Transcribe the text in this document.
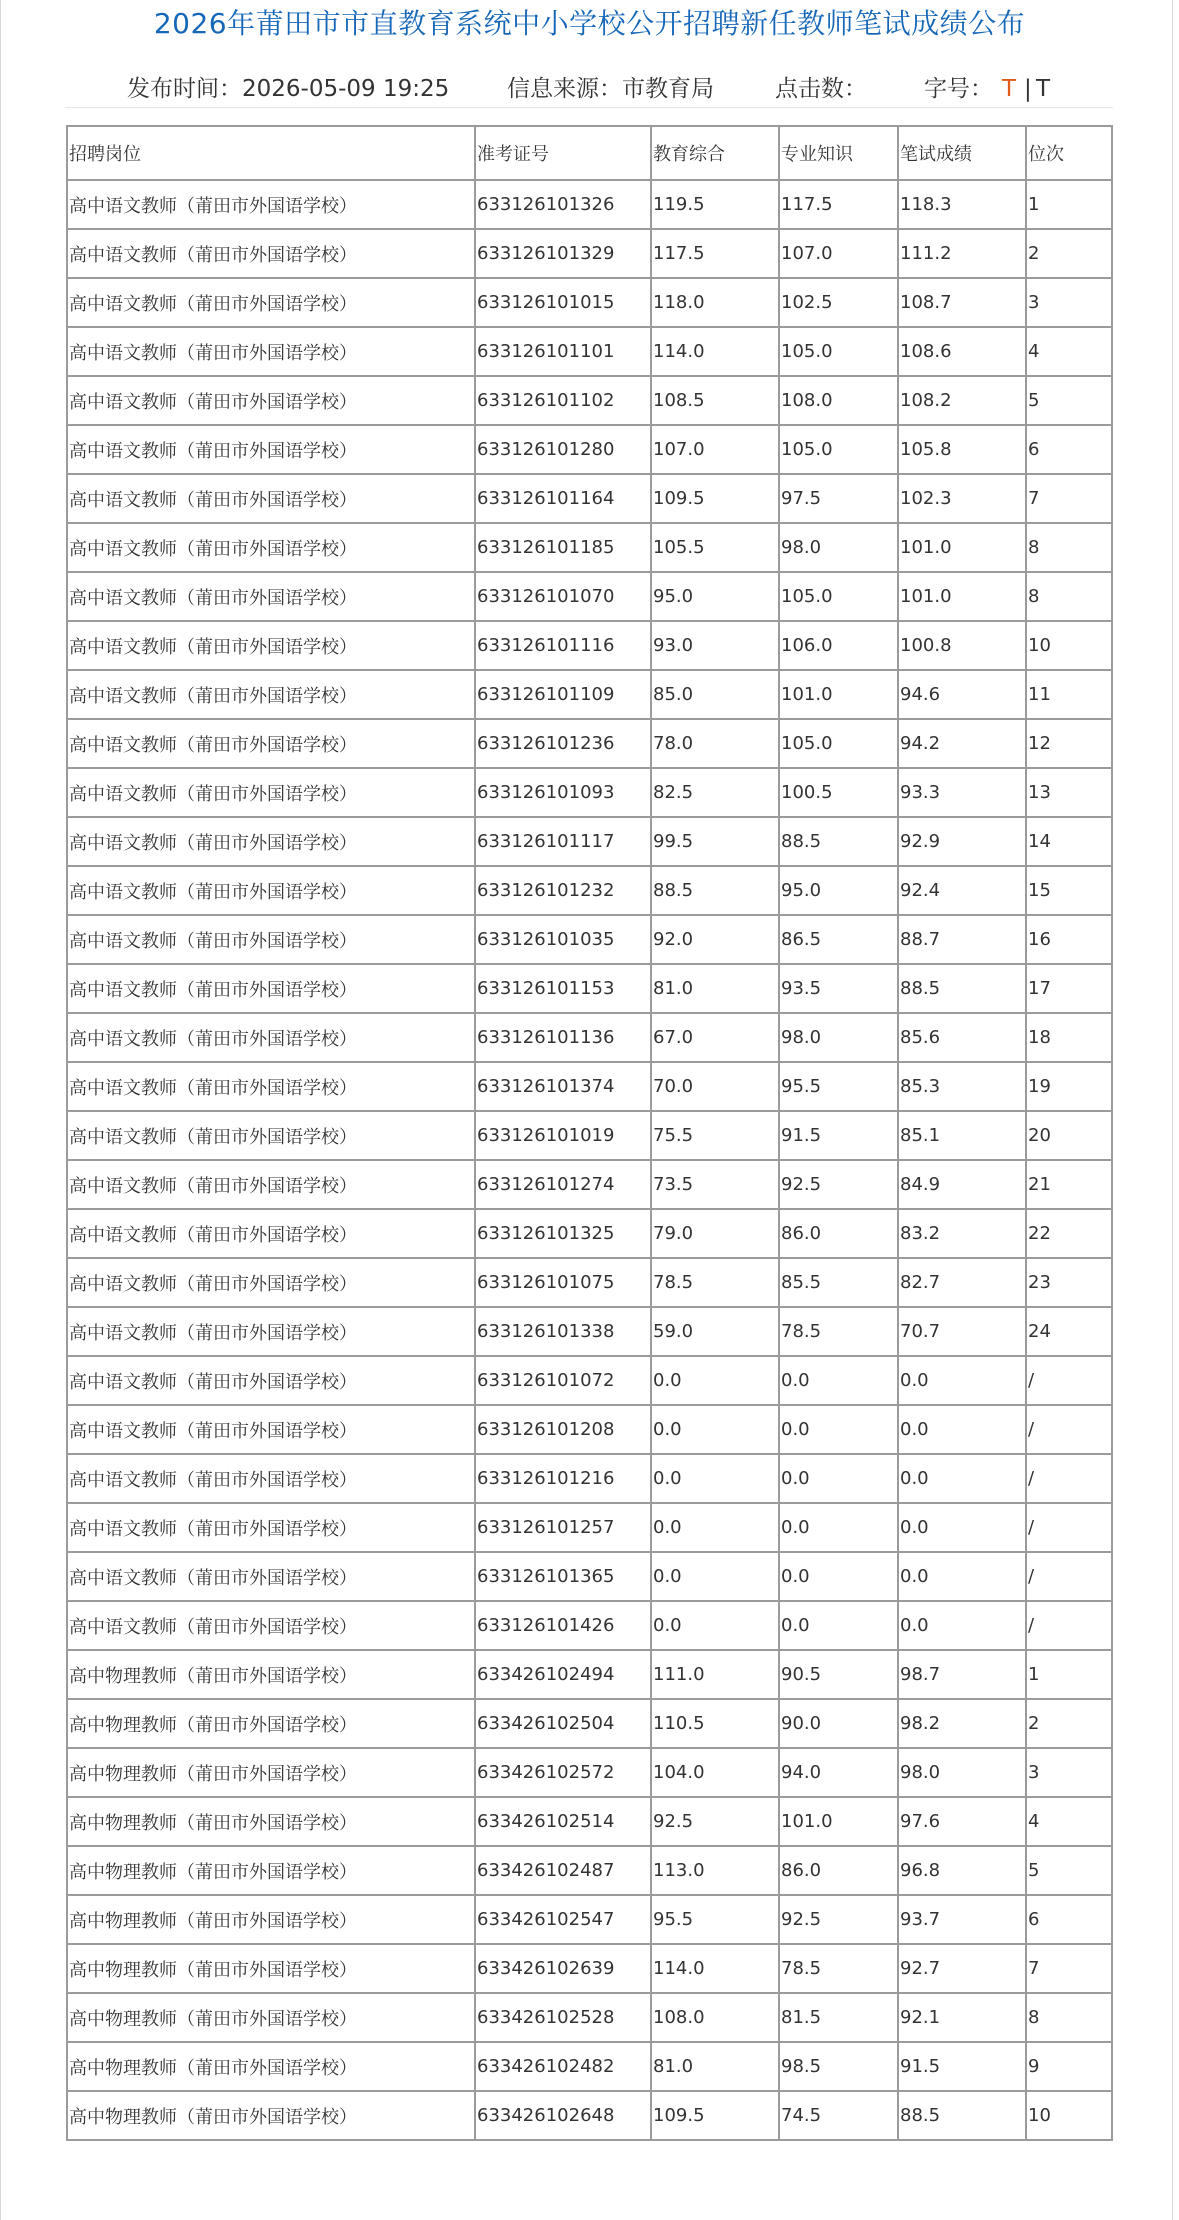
2026年莆田市市直教育系统中小学校公开招聘新任教师笔试成绩公布
发布时间：2026-05-09 19:25	信息来源：市教育局	点击数： 字号： T | T
招聘岗位	准考证号	教育综合	专业知识	笔试成绩	位次
高中语文教师（莆田市外国语学校）	633126101326	119.5	117.5	118.3	1
高中语文教师（莆田市外国语学校）	633126101329	117.5	107.0	111.2	2
高中语文教师（莆田市外国语学校）	633126101015	118.0	102.5	108.7	3
高中语文教师（莆田市外国语学校）	633126101101	114.0	105.0	108.6	4
高中语文教师（莆田市外国语学校）	633126101102	108.5	108.0	108.2	5
高中语文教师（莆田市外国语学校）	633126101280	107.0	105.0	105.8	6
高中语文教师（莆田市外国语学校）	633126101164	109.5	97.5	102.3	7
高中语文教师（莆田市外国语学校）	633126101185	105.5	98.0	101.0	8
高中语文教师（莆田市外国语学校）	633126101070	95.0	105.0	101.0	8
高中语文教师（莆田市外国语学校）	633126101116	93.0	106.0	100.8	10
高中语文教师（莆田市外国语学校）	633126101109	85.0	101.0	94.6	11
高中语文教师（莆田市外国语学校）	633126101236	78.0	105.0	94.2	12
高中语文教师（莆田市外国语学校）	633126101093	82.5	100.5	93.3	13
高中语文教师（莆田市外国语学校）	633126101117	99.5	88.5	92.9	14
高中语文教师（莆田市外国语学校）	633126101232	88.5	95.0	92.4	15
高中语文教师（莆田市外国语学校）	633126101035	92.0	86.5	88.7	16
高中语文教师（莆田市外国语学校）	633126101153	81.0	93.5	88.5	17
高中语文教师（莆田市外国语学校）	633126101136	67.0	98.0	85.6	18
高中语文教师（莆田市外国语学校）	633126101374	70.0	95.5	85.3	19
高中语文教师（莆田市外国语学校）	633126101019	75.5	91.5	85.1	20
高中语文教师（莆田市外国语学校）	633126101274	73.5	92.5	84.9	21
高中语文教师（莆田市外国语学校）	633126101325	79.0	86.0	83.2	22
高中语文教师（莆田市外国语学校）	633126101075	78.5	85.5	82.7	23
高中语文教师（莆田市外国语学校）	633126101338	59.0	78.5	70.7	24
高中语文教师（莆田市外国语学校）	633126101072	0.0	0.0	0.0	/
高中语文教师（莆田市外国语学校）	633126101208	0.0	0.0	0.0	/
高中语文教师（莆田市外国语学校）	633126101216	0.0	0.0	0.0	/
高中语文教师（莆田市外国语学校）	633126101257	0.0	0.0	0.0	/
高中语文教师（莆田市外国语学校）	633126101365	0.0	0.0	0.0	/
高中语文教师（莆田市外国语学校）	633126101426	0.0	0.0	0.0	/
高中物理教师（莆田市外国语学校）	633426102494	111.0	90.5	98.7	1
高中物理教师（莆田市外国语学校）	633426102504	110.5	90.0	98.2	2
高中物理教师（莆田市外国语学校）	633426102572	104.0	94.0	98.0	3
高中物理教师（莆田市外国语学校）	633426102514	92.5	101.0	97.6	4
高中物理教师（莆田市外国语学校）	633426102487	113.0	86.0	96.8	5
高中物理教师（莆田市外国语学校）	633426102547	95.5	92.5	93.7	6
高中物理教师（莆田市外国语学校）	633426102639	114.0	78.5	92.7	7
高中物理教师（莆田市外国语学校）	633426102528	108.0	81.5	92.1	8
高中物理教师（莆田市外国语学校）	633426102482	81.0	98.5	91.5	9
高中物理教师（莆田市外国语学校）	633426102648	109.5	74.5	88.5	10
